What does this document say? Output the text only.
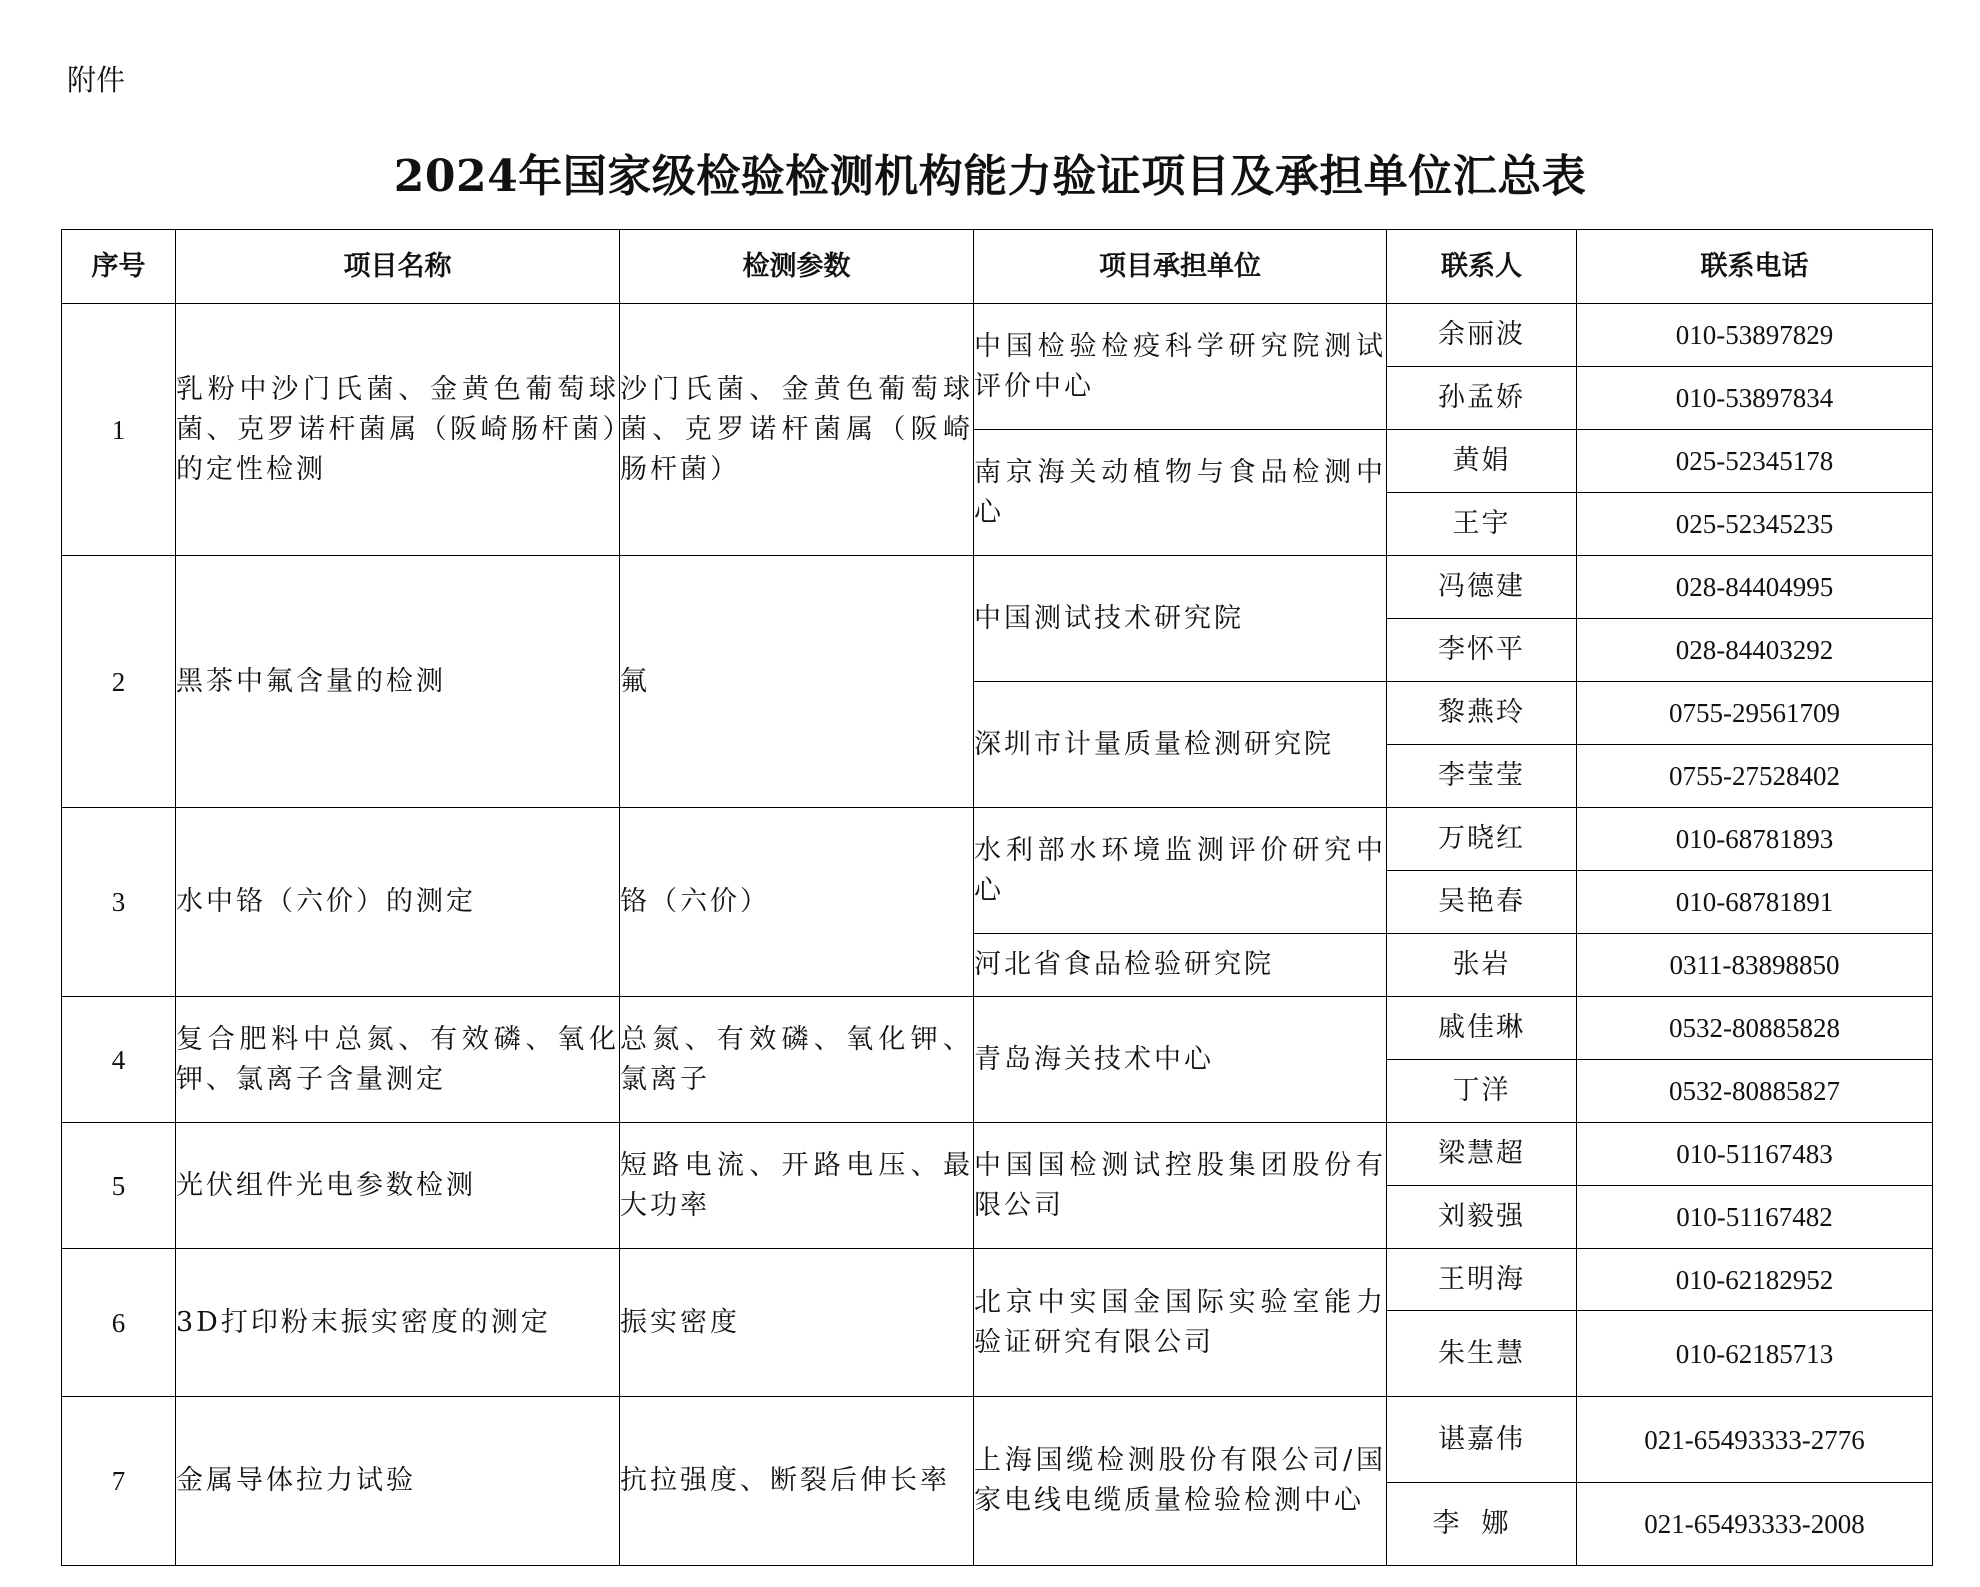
附件
2024年国家级检验检测机构能力验证项目及承担单位汇总表
序号	项目名称	检测参数	项目承担单位	联系人	联系电话
1	乳粉中沙门氏菌、金黄色葡萄球菌、克罗诺杆菌属（阪崎肠杆菌）的定性检测	沙门氏菌、金黄色葡萄球菌、克罗诺杆菌属（阪崎肠杆菌）	中国检验检疫科学研究院测试评价中心	余丽波	010-53897829
				孙孟娇	010-53897834
			南京海关动植物与食品检测中心	黄娟	025-52345178
				王宇	025-52345235
2	黑茶中氟含量的检测	氟	中国测试技术研究院	冯德建	028-84404995
				李怀平	028-84403292
			深圳市计量质量检测研究院	黎燕玲	0755-29561709
				李莹莹	0755-27528402
3	水中铬（六价）的测定	铬（六价）	水利部水环境监测评价研究中心	万晓红	010-68781893
				吴艳春	010-68781891
			河北省食品检验研究院	张岩	0311-83898850
4	复合肥料中总氮、有效磷、氧化钾、氯离子含量测定	总氮、有效磷、氧化钾、氯离子	青岛海关技术中心	戚佳琳	0532-80885828
				丁洋	0532-80885827
5	光伏组件光电参数检测	短路电流、开路电压、最大功率	中国国检测试控股集团股份有限公司	梁慧超	010-51167483
				刘毅强	010-51167482
6	3D打印粉末振实密度的测定	振实密度	北京中实国金国际实验室能力验证研究有限公司	王明海	010-62182952
				朱生慧	010-62185713
7	金属导体拉力试验	抗拉强度、断裂后伸长率	上海国缆检测股份有限公司/国家电线电缆质量检验检测中心	谌嘉伟	021-65493333-2776
				李娜	021-65493333-2008
